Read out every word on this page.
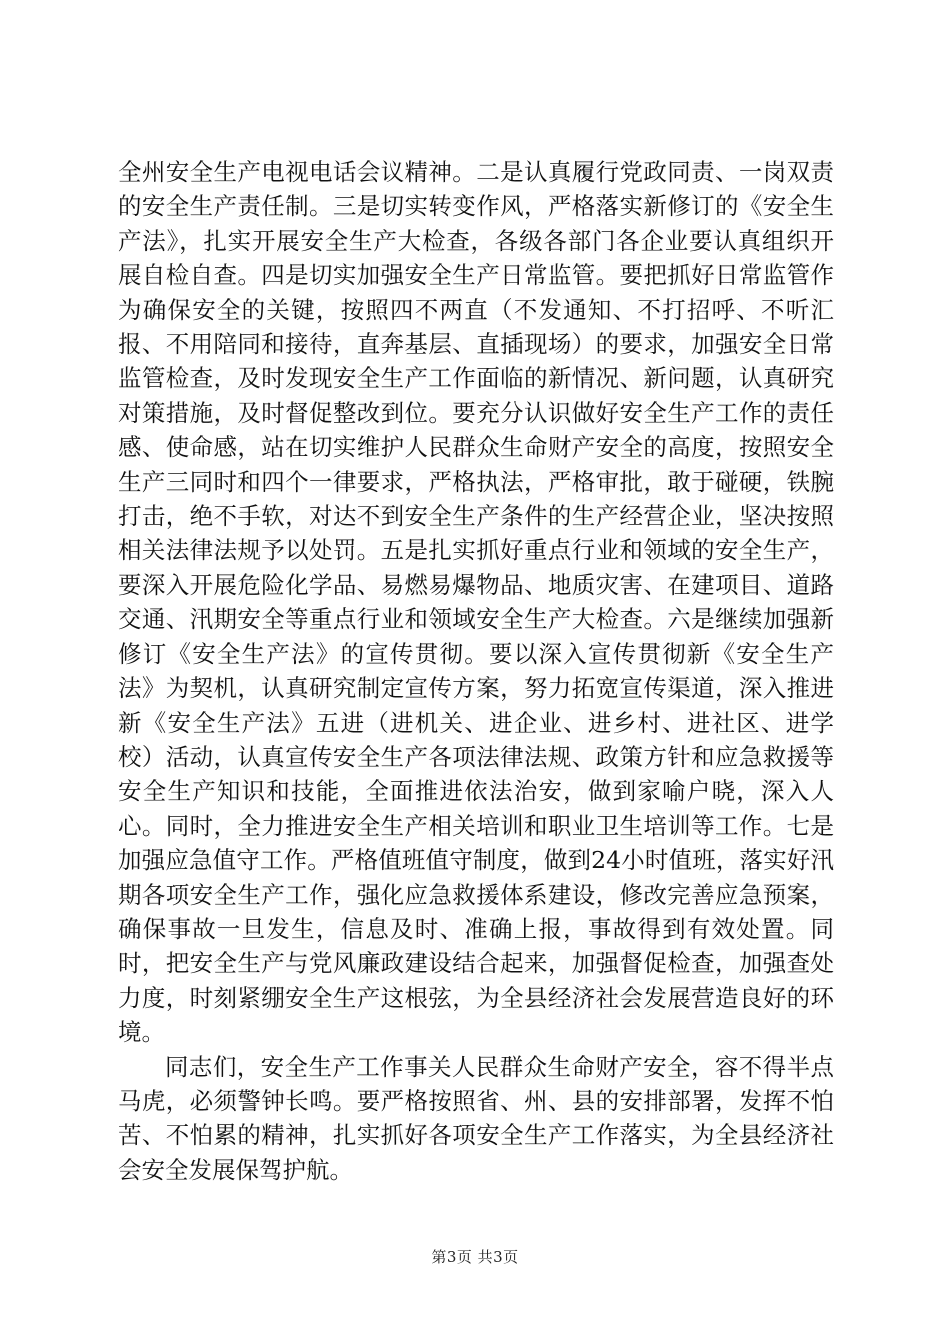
全州安全生产电视电话会议精神。二是认真履行党政同责、一岗双责的安全生产责任制。三是切实转变作风，严格落实新修订的《安全生产法》，扎实开展安全生产大检查，各级各部门各企业要认真组织开展自检自查。四是切实加强安全生产日常监管。要把抓好日常监管作为确保安全的关键，按照四不两直（不发通知、不打招呼、不听汇报、不用陪同和接待，直奔基层、直插现场）的要求，加强安全日常监管检查，及时发现安全生产工作面临的新情况、新问题，认真研究对策措施，及时督促整改到位。要充分认识做好安全生产工作的责任感、使命感，站在切实维护人民群众生命财产安全的高度，按照安全生产三同时和四个一律要求，严格执法，严格审批，敢于碰硬，铁腕打击，绝不手软，对达不到安全生产条件的生产经营企业，坚决按照相关法律法规予以处罚。五是扎实抓好重点行业和领域的安全生产，要深入开展危险化学品、易燃易爆物品、地质灾害、在建项目、道路交通、汛期安全等重点行业和领域安全生产大检查。六是继续加强新修订《安全生产法》的宣传贯彻。要以深入宣传贯彻新《安全生产法》为契机，认真研究制定宣传方案，努力拓宽宣传渠道，深入推进新《安全生产法》五进（进机关、进企业、进乡村、进社区、进学校）活动，认真宣传安全生产各项法律法规、政策方针和应急救援等安全生产知识和技能，全面推进依法治安，做到家喻户晓，深入人心。同时，全力推进安全生产相关培训和职业卫生培训等工作。七是加强应急值守工作。严格值班值守制度，做到24小时值班，落实好汛期各项安全生产工作，强化应急救援体系建设，修改完善应急预案，确保事故一旦发生，信息及时、准确上报，事故得到有效处置。同时，把安全生产与党风廉政建设结合起来，加强督促检查，加强查处力度，时刻紧绷安全生产这根弦，为全县经济社会发展营造良好的环境。

同志们，安全生产工作事关人民群众生命财产安全，容不得半点马虎，必须警钟长鸣。要严格按照省、州、县的安排部署，发挥不怕苦、不怕累的精神，扎实抓好各项安全生产工作落实，为全县经济社会安全发展保驾护航。

第3页 共3页
